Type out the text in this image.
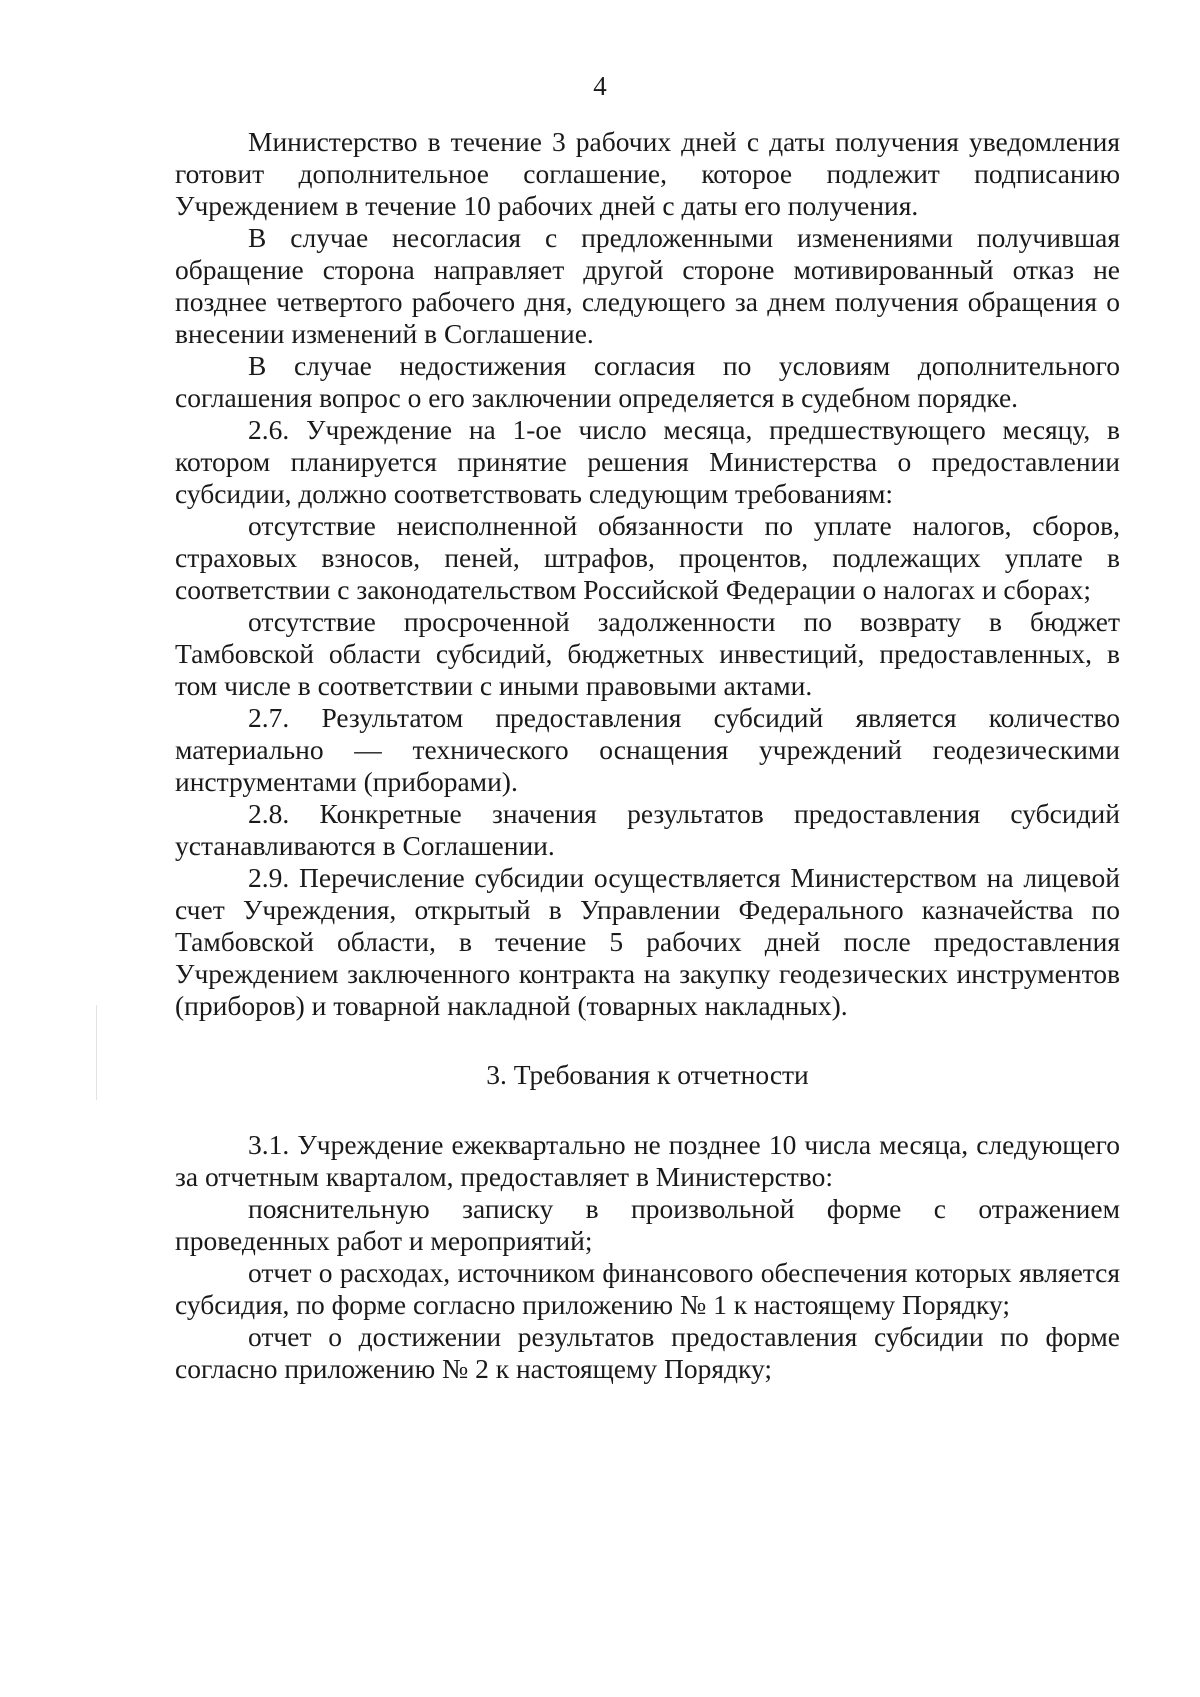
4

Министерство в течение 3 рабочих дней с даты получения уведомления готовит дополнительное соглашение, которое подлежит подписанию Учреждением в течение 10 рабочих дней с даты его получения.

В случае несогласия с предложенными изменениями получившая обращение сторона направляет другой стороне мотивированный отказ не позднее четвертого рабочего дня, следующего за днем получения обращения о внесении изменений в Соглашение.

В случае недостижения согласия по условиям дополнительного соглашения вопрос о его заключении определяется в судебном порядке.

2.6. Учреждение на 1-ое число месяца, предшествующего месяцу, в котором планируется принятие решения Министерства о предоставлении субсидии, должно соответствовать следующим требованиям:

отсутствие неисполненной обязанности по уплате налогов, сборов, страховых взносов, пеней, штрафов, процентов, подлежащих уплате в соответствии с законодательством Российской Федерации о налогах и сборах;

отсутствие просроченной задолженности по возврату в бюджет Тамбовской области субсидий, бюджетных инвестиций, предоставленных, в том числе в соответствии с иными правовыми актами.

2.7. Результатом предоставления субсидий является количество материально — технического оснащения учреждений геодезическими инструментами (приборами).

2.8. Конкретные значения результатов предоставления субсидий устанавливаются в Соглашении.

2.9. Перечисление субсидии осуществляется Министерством на лицевой счет Учреждения, открытый в Управлении Федерального казначейства по Тамбовской области, в течение 5 рабочих дней после предоставления Учреждением заключенного контракта на закупку геодезических инструментов (приборов) и товарной накладной (товарных накладных).

3. Требования к отчетности

3.1. Учреждение ежеквартально не позднее 10 числа месяца, следующего за отчетным кварталом, предоставляет в Министерство:

пояснительную записку в произвольной форме с отражением проведенных работ и мероприятий;

отчет о расходах, источником финансового обеспечения которых является субсидия, по форме согласно приложению № 1 к настоящему Порядку;

отчет о достижении результатов предоставления субсидии по форме согласно приложению № 2 к настоящему Порядку;
